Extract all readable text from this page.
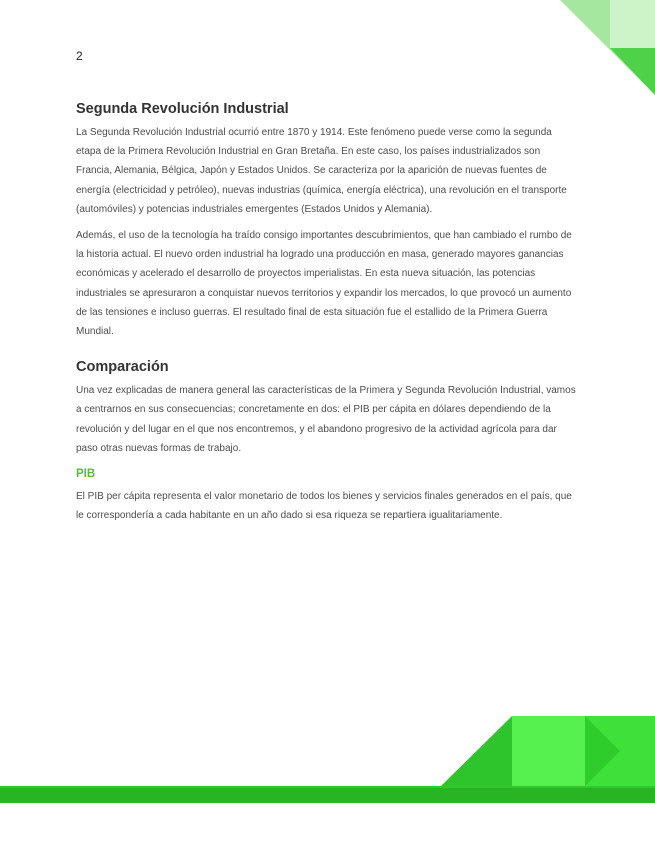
2
Segunda Revolución Industrial

La Segunda Revolución Industrial ocurrió entre 1870 y 1914. Este fenómeno puede verse como la segunda etapa de la Primera Revolución Industrial en Gran Bretaña. En este caso, los países industrializados son Francia, Alemania, Bélgica, Japón y Estados Unidos. Se caracteriza por la aparición de nuevas fuentes de energía (electricidad y petróleo), nuevas industrias (química, energía eléctrica), una revolución en el transporte (automóviles) y potencias industriales emergentes (Estados Unidos y Alemania).

Además, el uso de la tecnología ha traído consigo importantes descubrimientos, que han cambiado el rumbo de la historia actual. El nuevo orden industrial ha logrado una producción en masa, generado mayores ganancias económicas y acelerado el desarrollo de proyectos imperialistas. En esta nueva situación, las potencias industriales se apresuraron a conquistar nuevos territorios y expandir los mercados, lo que provocó un aumento de las tensiones e incluso guerras. El resultado final de esta situación fue el estallido de la Primera Guerra Mundial.

Comparación

Una vez explicadas de manera general las características de la Primera y Segunda Revolución Industrial, vamos a centrarnos en sus consecuencias; concretamente en dos: el PIB per cápita en dólares dependiendo de la revolución y del lugar en el que nos encontremos, y el abandono progresivo de la actividad agrícola para dar paso otras nuevas formas de trabajo.

PIB

El PIB per cápita representa el valor monetario de todos los bienes y servicios finales generados en el país, que le correspondería a cada habitante en un año dado si esa riqueza se repartiera igualitariamente.
